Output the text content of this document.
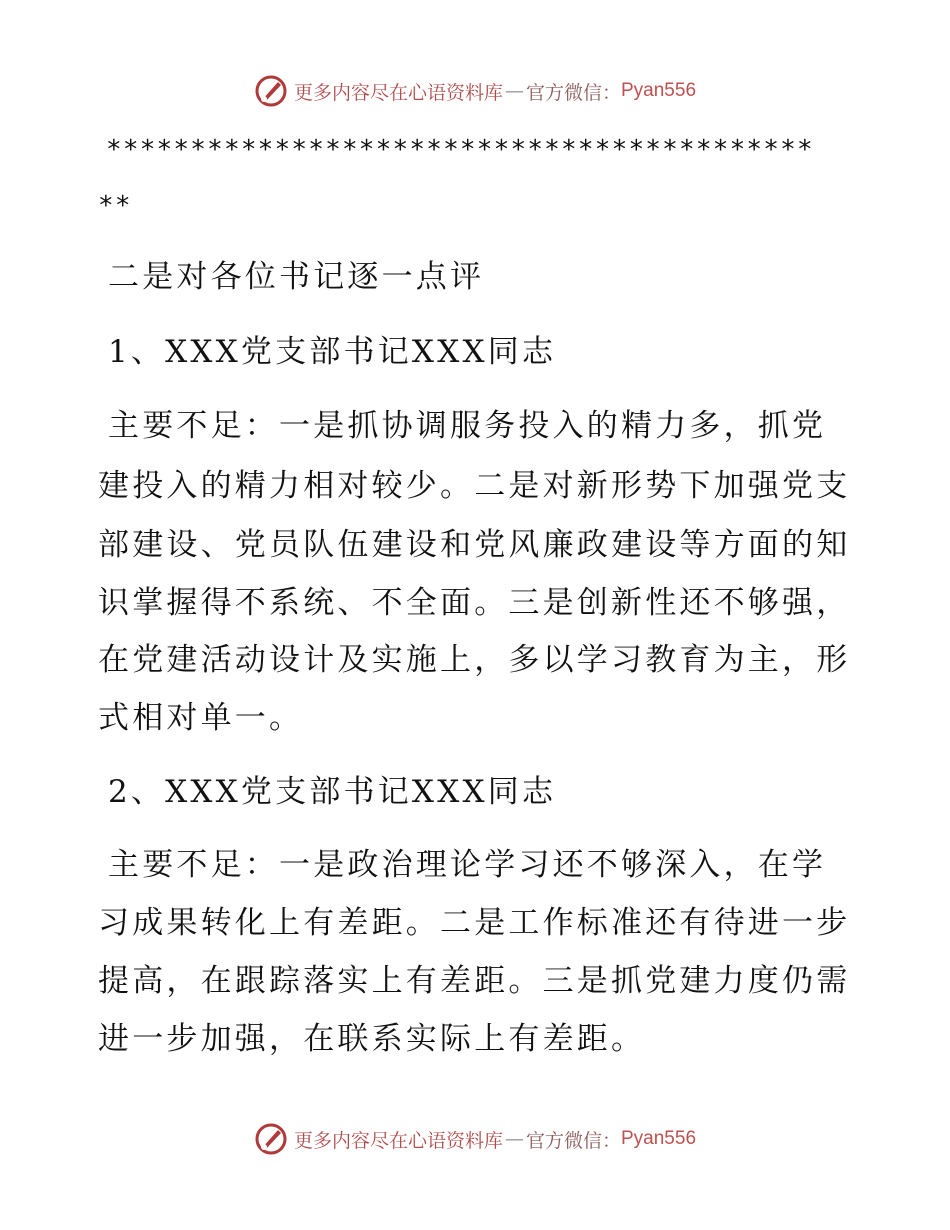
更多内容尽在心语资料库 — 官方微信： Pyan556
******************************************
**
二是对各位书记逐一点评
1、XXX党支部书记XXX同志
主要不足：一是抓协调服务投入的精力多，抓党
建投入的精力相对较少。二是对新形势下加强党支
部建设、党员队伍建设和党风廉政建设等方面的知
识掌握得不系统、不全面。三是创新性还不够强，
在党建活动设计及实施上，多以学习教育为主，形
式相对单一。
2、XXX党支部书记XXX同志
主要不足：一是政治理论学习还不够深入，在学
习成果转化上有差距。二是工作标准还有待进一步
提高，在跟踪落实上有差距。三是抓党建力度仍需
进一步加强，在联系实际上有差距。
更多内容尽在心语资料库 — 官方微信： Pyan556
